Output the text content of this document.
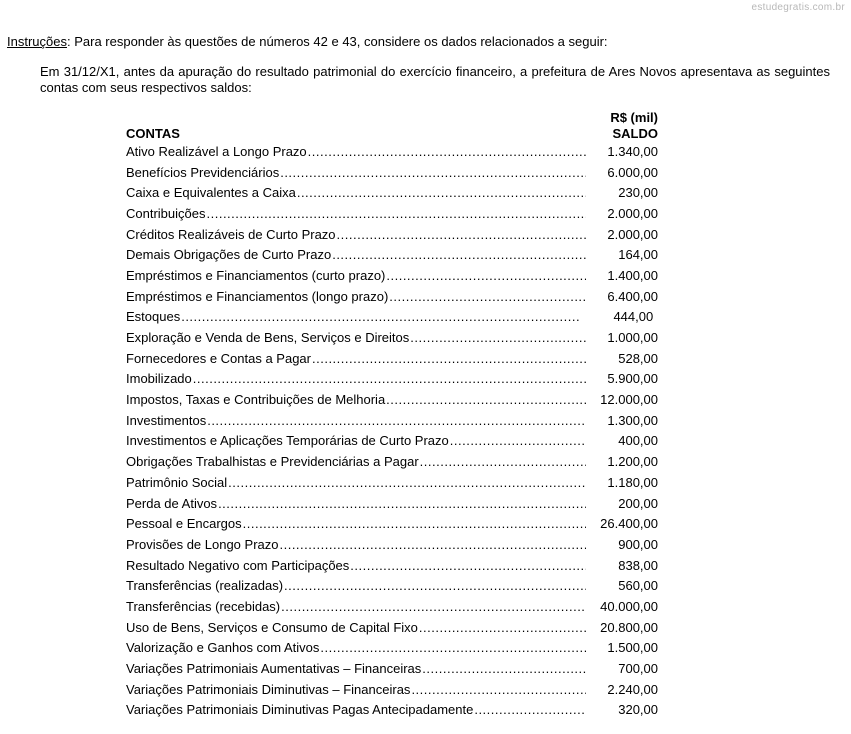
estudegratis.com.br
Instruções: Para responder às questões de números 42 e 43, considere os dados relacionados a seguir:
Em 31/12/X1, antes da apuração do resultado patrimonial do exercício financeiro, a prefeitura de Ares Novos apresentava as seguintes contas com seus respectivos saldos:
CONTAS
R$ (mil)
SALDO
Ativo Realizável a Longo Prazo .....	1.340,00
Benefícios Previdenciários .....	6.000,00
Caixa e Equivalentes a Caixa .....	230,00
Contribuições .....	2.000,00
Créditos Realizáveis de Curto Prazo .....	2.000,00
Demais Obrigações de Curto Prazo .....	164,00
Empréstimos e Financiamentos (curto prazo) .....	1.400,00
Empréstimos e Financiamentos (longo prazo) .....	6.400,00
Estoques .....	444,00
Exploração e Venda de Bens, Serviços e Direitos .....	1.000,00
Fornecedores e Contas a Pagar .....	528,00
Imobilizado .....	5.900,00
Impostos, Taxas e Contribuições de Melhoria .....	12.000,00
Investimentos .....	1.300,00
Investimentos e Aplicações Temporárias de Curto Prazo .....	400,00
Obrigações Trabalhistas e Previdenciárias a Pagar .....	1.200,00
Patrimônio Social .....	1.180,00
Perda de Ativos .....	200,00
Pessoal e Encargos .....	26.400,00
Provisões de Longo Prazo .....	900,00
Resultado Negativo com Participações .....	838,00
Transferências (realizadas) .....	560,00
Transferências (recebidas) .....	40.000,00
Uso de Bens, Serviços e Consumo de Capital Fixo .....	20.800,00
Valorização e Ganhos com Ativos .....	1.500,00
Variações Patrimoniais Aumentativas – Financeiras .....	700,00
Variações Patrimoniais Diminutivas – Financeiras .....	2.240,00
Variações Patrimoniais Diminutivas Pagas Antecipadamente .....	320,00
